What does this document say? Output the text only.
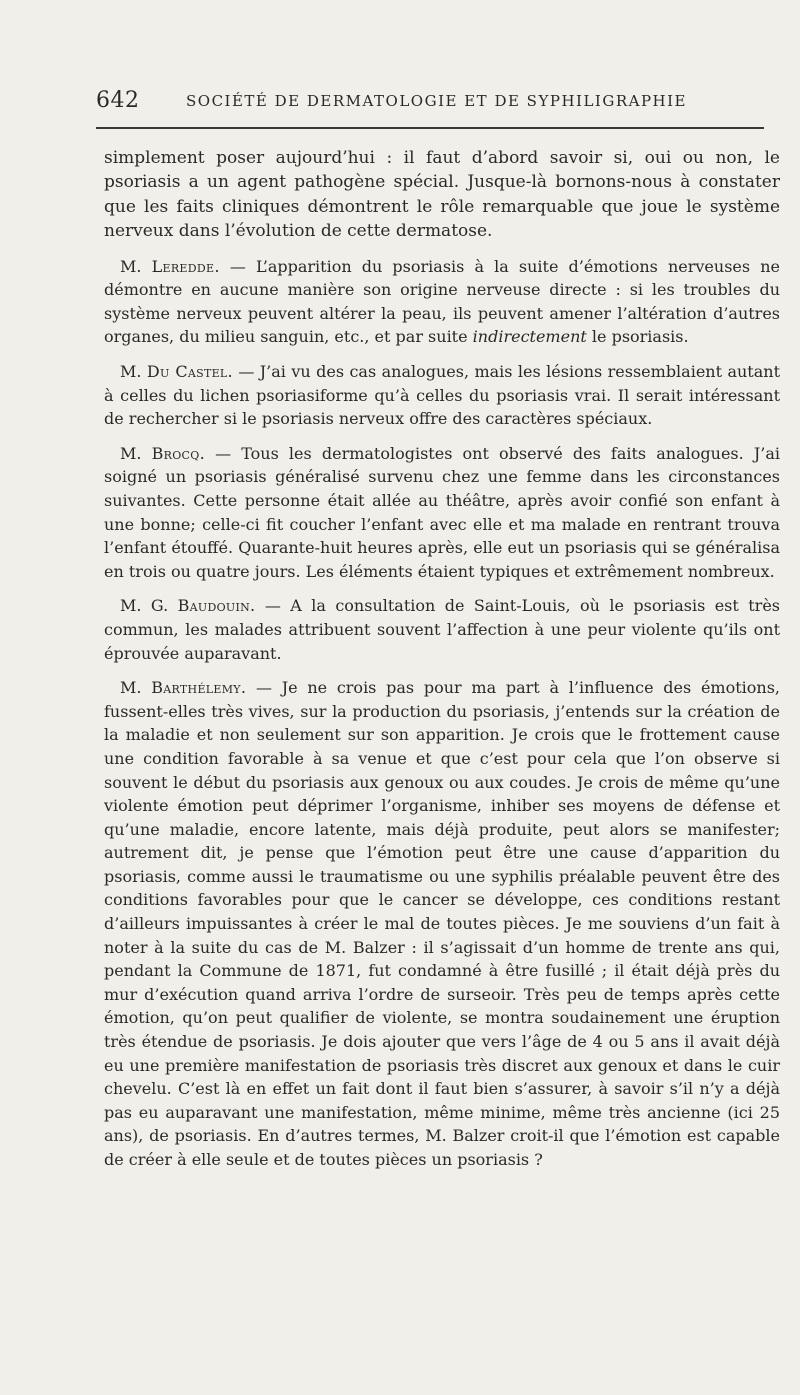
642	SOCIÉTÉ DE DERMATOLOGIE ET DE SYPHILIGRAPHIE

simplement poser aujourd’hui : il faut d’abord savoir si, oui ou non, le psoriasis a un agent pathogène spécial. Jusque-là bornons-nous à constater que les faits cliniques démontrent le rôle remarquable que joue le système nerveux dans l’évolution de cette dermatose.

M. Leredde. — L’apparition du psoriasis à la suite d’émotions nerveuses ne démontre en aucune manière son origine nerveuse directe : si les troubles du système nerveux peuvent altérer la peau, ils peuvent amener l’altération d’autres organes, du milieu sanguin, etc., et par suite indirectement le psoriasis.

M. Du Castel. — J’ai vu des cas analogues, mais les lésions ressemblaient autant à celles du lichen psoriasiforme qu’à celles du psoriasis vrai. Il serait intéressant de rechercher si le psoriasis nerveux offre des caractères spéciaux.

M. Brocq. — Tous les dermatologistes ont observé des faits analogues. J’ai soigné un psoriasis généralisé survenu chez une femme dans les circonstances suivantes. Cette personne était allée au théâtre, après avoir confié son enfant à une bonne; celle-ci fit coucher l’enfant avec elle et ma malade en rentrant trouva l’enfant étouffé. Quarante-huit heures après, elle eut un psoriasis qui se généralisa en trois ou quatre jours. Les éléments étaient typiques et extrêmement nombreux.

M. G. Baudouin. — A la consultation de Saint-Louis, où le psoriasis est très commun, les malades attribuent souvent l’affection à une peur violente qu’ils ont éprouvée auparavant.

M. Barthélemy. — Je ne crois pas pour ma part à l’influence des émotions, fussent-elles très vives, sur la production du psoriasis, j’entends sur la création de la maladie et non seulement sur son apparition. Je crois que le frottement cause une condition favorable à sa venue et que c’est pour cela que l’on observe si souvent le début du psoriasis aux genoux ou aux coudes. Je crois de même qu’une violente émotion peut déprimer l’organisme, inhiber ses moyens de défense et qu’une maladie, encore latente, mais déjà produite, peut alors se manifester; autrement dit, je pense que l’émotion peut être une cause d’apparition du psoriasis, comme aussi le traumatisme ou une syphilis préalable peuvent être des conditions favorables pour que le cancer se développe, ces conditions restant d’ailleurs impuissantes à créer le mal de toutes pièces. Je me souviens d’un fait à noter à la suite du cas de M. Balzer : il s’agissait d’un homme de trente ans qui, pendant la Commune de 1871, fut condamné à être fusillé ; il était déjà près du mur d’exécution quand arriva l’ordre de surseoir. Très peu de temps après cette émotion, qu’on peut qualifier de violente, se montra soudainement une éruption très étendue de psoriasis. Je dois ajouter que vers l’âge de 4 ou 5 ans il avait déjà eu une première manifestation de psoriasis très discret aux genoux et dans le cuir chevelu. C’est là en effet un fait dont il faut bien s’assurer, à savoir s’il n’y a déjà pas eu auparavant une manifestation, même minime, même très ancienne (ici 25 ans), de psoriasis. En d’autres termes, M. Balzer croit-il que l’émotion est capable de créer à elle seule et de toutes pièces un psoriasis ?
